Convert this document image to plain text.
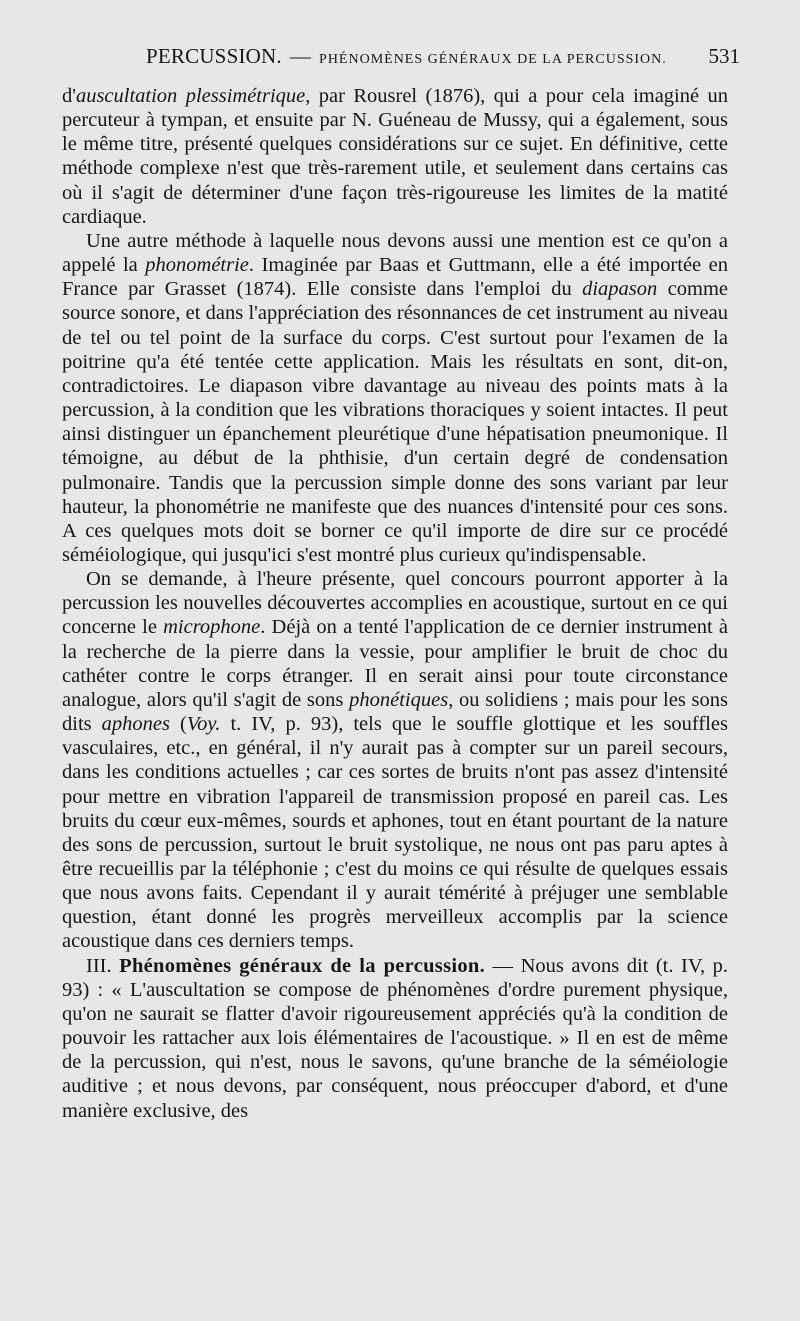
PERCUSSION. — PHÉNOMÈNES GÉNÉRAUX DE LA PERCUSSION. 531

d'auscultation plessimétrique, par Rousrel (1876), qui a pour cela imaginé un percuteur à tympan, et ensuite par N. Guéneau de Mussy, qui a également, sous le même titre, présenté quelques considérations sur ce sujet. En définitive, cette méthode complexe n'est que très-rarement utile, et seulement dans certains cas où il s'agit de déterminer d'une façon très-rigoureuse les limites de la matité cardiaque.

Une autre méthode à laquelle nous devons aussi une mention est ce qu'on a appelé la phonométrie. Imaginée par Baas et Guttmann, elle a été importée en France par Grasset (1874). Elle consiste dans l'emploi du diapason comme source sonore, et dans l'appréciation des résonnances de cet instrument au niveau de tel ou tel point de la surface du corps. C'est surtout pour l'examen de la poitrine qu'a été tentée cette application. Mais les résultats en sont, dit-on, contradictoires. Le diapason vibre davantage au niveau des points mats à la percussion, à la condition que les vibrations thoraciques y soient intactes. Il peut ainsi distinguer un épanchement pleurétique d'une hépatisation pneumonique. Il témoigne, au début de la phthisie, d'un certain degré de condensation pulmonaire. Tandis que la percussion simple donne des sons variant par leur hauteur, la phonométrie ne manifeste que des nuances d'intensité pour ces sons. A ces quelques mots doit se borner ce qu'il importe de dire sur ce procédé séméiologique, qui jusqu'ici s'est montré plus curieux qu'indispensable.

On se demande, à l'heure présente, quel concours pourront apporter à la percussion les nouvelles découvertes accomplies en acoustique, surtout en ce qui concerne le microphone. Déjà on a tenté l'application de ce dernier instrument à la recherche de la pierre dans la vessie, pour amplifier le bruit de choc du cathéter contre le corps étranger. Il en serait ainsi pour toute circonstance analogue, alors qu'il s'agit de sons phonétiques, ou solidiens ; mais pour les sons dits aphones (Voy. t. IV, p. 93), tels que le souffle glottique et les souffles vasculaires, etc., en général, il n'y aurait pas à compter sur un pareil secours, dans les conditions actuelles ; car ces sortes de bruits n'ont pas assez d'intensité pour mettre en vibration l'appareil de transmission proposé en pareil cas. Les bruits du cœur eux-mêmes, sourds et aphones, tout en étant pourtant de la nature des sons de percussion, surtout le bruit systolique, ne nous ont pas paru aptes à être recueillis par la téléphonie ; c'est du moins ce qui résulte de quelques essais que nous avons faits. Cependant il y aurait témérité à préjuger une semblable question, étant donné les progrès merveilleux accomplis par la science acoustique dans ces derniers temps.

III. Phénomènes généraux de la percussion. — Nous avons dit (t. IV, p. 93) : « L'auscultation se compose de phénomènes d'ordre purement physique, qu'on ne saurait se flatter d'avoir rigoureusement appréciés qu'à la condition de pouvoir les rattacher aux lois élémentaires de l'acoustique. » Il en est de même de la percussion, qui n'est, nous le savons, qu'une branche de la séméiologie auditive ; et nous devons, par conséquent, nous préoccuper d'abord, et d'une manière exclusive, des
